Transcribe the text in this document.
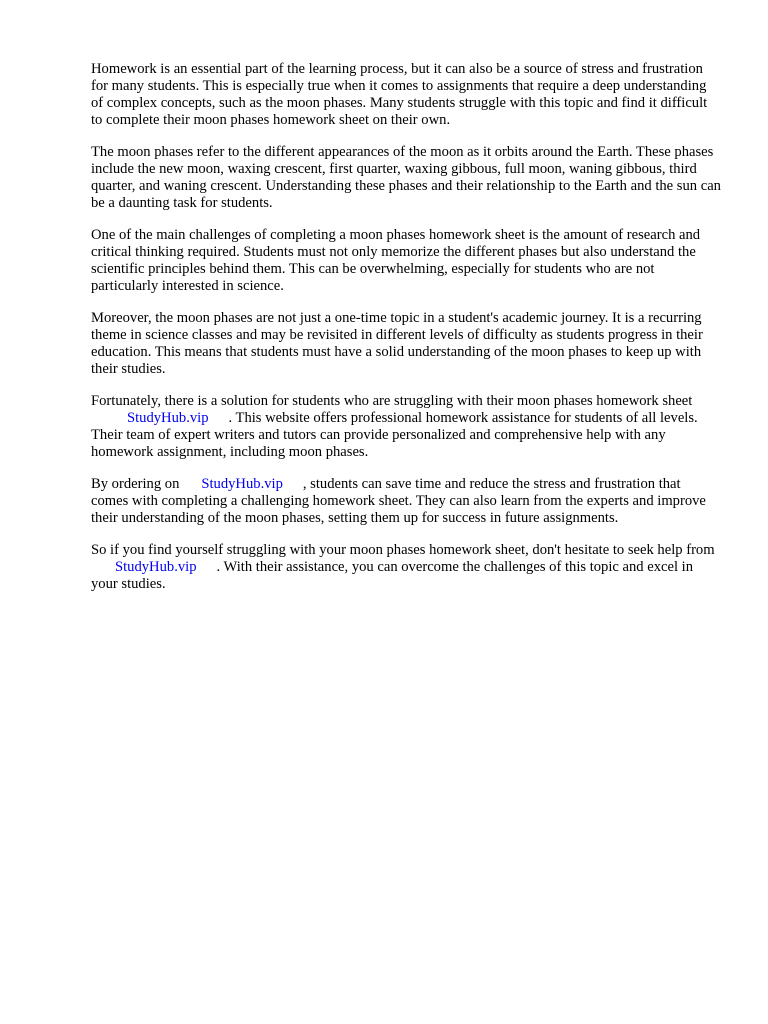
Homework is an essential part of the learning process, but it can also be a source of stress and frustration for many students. This is especially true when it comes to assignments that require a deep understanding of complex concepts, such as the moon phases. Many students struggle with this topic and find it difficult to complete their moon phases homework sheet on their own.

The moon phases refer to the different appearances of the moon as it orbits around the Earth. These phases include the new moon, waxing crescent, first quarter, waxing gibbous, full moon, waning gibbous, third quarter, and waning crescent. Understanding these phases and their relationship to the Earth and the sun can be a daunting task for students.

One of the main challenges of completing a moon phases homework sheet is the amount of research and critical thinking required. Students must not only memorize the different phases but also understand the scientific principles behind them. This can be overwhelming, especially for students who are not particularly interested in science.

Moreover, the moon phases are not just a one-time topic in a student's academic journey. It is a recurring theme in science classes and may be revisited in different levels of difficulty as students progress in their education. This means that students must have a solid understanding of the moon phases to keep up with their studies.

Fortunately, there is a solution for students who are struggling with their moon phases homework sheetStudyHub.vip . This website offers professional homework assistance for students of all levels. Their team of expert writers and tutors can provide personalized and comprehensive help with any homework assignment, including moon phases.

By ordering on StudyHub.vip , students can save time and reduce the stress and frustration that comes with completing a challenging homework sheet. They can also learn from the experts and improve their understanding of the moon phases, setting them up for success in future assignments.

So if you find yourself struggling with your moon phases homework sheet, don't hesitate to seek help fromStudyHub.vip . With their assistance, you can overcome the challenges of this topic and excel in your studies.
